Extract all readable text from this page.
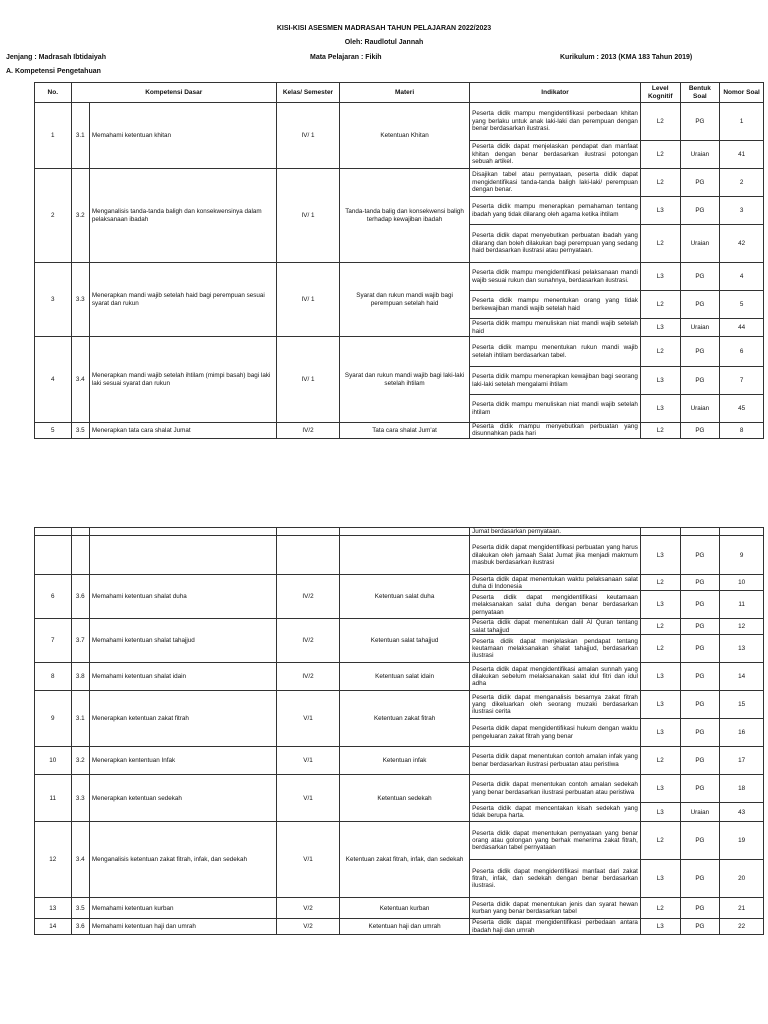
KISI-KISI ASESMEN MADRASAH TAHUN PELAJARAN 2022/2023
Oleh: Raudlotul Jannah
Jenjang : Madrasah Ibtidaiyah	Mata Pelajaran : Fikih	Kurikulum : 2013 (KMA 183 Tahun 2019)
A. Kompetensi Pengetahuan
No.	Kompetensi Dasar		Kelas/ Semester	Materi	Indikator	Level Kognitif	Bentuk Soal	Nomor Soal
1	3.1	Memahami ketentuan khitan	IV/ 1	Ketentuan Khitan	Peserta didik mampu mengidentifikasi perbedaan khitan yang berlaku untuk anak laki-laki dan perempuan dengan benar berdasarkan ilustrasi.	L2	PG	1
					Peserta didik dapat menjelaskan pendapat dan manfaat khitan dengan benar berdasarkan ilustrasi potongan sebuah artikel.	L2	Uraian	41
2	3.2	Menganalisis tanda-tanda baligh dan konsekwensinya dalam pelaksanaan ibadah	IV/ 1	Tanda-tanda balig dan konsekwensi baligh terhadap kewajiban ibadah	Disajikan tabel atau pernyataan, peserta didik dapat mengidentifikasi tanda-tanda baligh laki-laki/ perempuan dengan benar.	L2	PG	2
					Peserta didik mampu menerapkan pemahaman tentang ibadah yang tidak dilarang oleh agama ketika ihtilam	L3	PG	3
					Peserta didik dapat menyebutkan perbuatan ibadah yang dilarang dan boleh dilakukan bagi perempuan yang sedang haid berdasarkan ilustrasi atau pernyataan.	L2	Uraian	42
3	3.3	Menerapkan mandi wajib setelah haid bagi perempuan sesuai syarat dan rukun	IV/ 1	Syarat dan rukun mandi wajib bagi perempuan setelah haid	Peserta didik mampu mengidentifikasi pelaksanaan mandi wajib sesuai rukun dan sunahnya, berdasarkan ilustrasi.	L3	PG	4
					Peserta didik mampu menentukan orang yang tidak berkewajiban mandi wajib setelah haid	L2	PG	5
					Peserta didik mampu menuliskan niat mandi wajib setelah haid	L3	Uraian	44
4	3.4	Menerapkan mandi wajib setelah ihtilam (mimpi basah) bagi laki laki sesuai syarat dan rukun	IV/ 1	Syarat dan rukun mandi wajib bagi laki-laki setelah ihtilam	Peserta didik mampu menentukan rukun mandi wajib setelah ihtilam berdasarkan tabel.	L2	PG	6
					Peserta didik mampu menerapkan kewajiban bagi seorang laki-laki setelah mengalami ihtilam	L3	PG	7
					Peserta didik mampu menuliskan niat mandi wajib setelah ihtilam	L3	Uraian	45
5	3.5	Menerapkan tata cara shalat Jumat	IV/2	Tata cara shalat Jum'at	Peserta didik mampu menyebutkan perbuatan yang disunnahkan pada hari	L2	PG	8
					Jumat berdasarkan pernyataan.			
					Peserta didik dapat mengidentifikasi perbuatan yang harus dilakukan oleh jamaah Salat Jumat jika menjadi makmum masbuk berdasarkan ilustrasi	L3	PG	9
6	3.6	Memahami ketentuan shalat duha	IV/2	Ketentuan salat duha	Peserta didik dapat menentukan waktu pelaksanaan salat duha di Indonesia	L2	PG	10
					Peserta didik dapat mengidentifikasi keutamaan melaksanakan salat duha dengan benar berdasarkan pernyataan	L3	PG	11
7	3.7	Memahami ketentuan shalat tahajjud	IV/2	Ketentuan salat tahajjud	Peserta didik dapat menentukan dalil Al Quran tentang salat tahajjud	L2	PG	12
					Peserta didik dapat menjelaskan pendapat tentang keutamaan melaksanakan shalat tahajjud, berdasarkan ilustrasi	L2	PG	13
8	3.8	Memahami ketentuan shalat idain	IV/2	Ketentuan salat idain	Peserta didik dapat mengidentifikasi amalan sunnah yang dilakukan sebelum melaksanakan salat idul fitri dan idul adha	L3	PG	14
9	3.1	Menerapkan ketentuan zakat fitrah	V/1	Ketentuan zakat fitrah	Peserta didik dapat menganalisis besarnya zakat fitrah yang dikeluarkan oleh seorang muzaki berdasarkan ilustrasi cerita	L3	PG	15
					Peserta didik dapat mengidentifikasi hukum dengan waktu pengeluaran zakat fitrah yang benar	L3	PG	16
10	3.2	Menerapkan kententuan Infak	V/1	Ketentuan infak	Peserta didik dapat menentukan contoh amalan infak yang benar berdasarkan ilustrasi perbuatan atau peristiwa	L2	PG	17
11	3.3	Menerapkan ketentuan sedekah	V/1	Ketentuan sedekah	Peserta didik dapat menentukan contoh amalan sedekah yang benar berdasarkan ilustrasi perbuatan atau peristiwa	L3	PG	18
					Peserta didik dapat mencentakan kisah sedekah yang tidak berupa harta.	L3	Uraian	43
12	3.4	Menganalisis ketentuan zakat fitrah, infak, dan sedekah	V/1	Ketentuan zakat fitrah, infak, dan sedekah	Peserta didik dapat menentukan pernyataan yang benar orang atau golongan yang berhak menerima zakat fitrah, berdasarkan tabel pernyataan	L2	PG	19
					Peserta didik dapat mengidentifikasi manfaat dari zakat fitrah, infak, dan sedekah dengan benar berdasarkan ilustrasi.	L3	PG	20
13	3.5	Memahami ketentuan kurban	V/2	Ketentuan kurban	Peserta didik dapat menentukan jenis dan syarat hewan kurban yang benar berdasarkan tabel	L2	PG	21
14	3.6	Memahami ketentuan haji dan umrah	V/2	Ketentuan haji dan umrah	Peserta didik dapat mengidentifikasi perbedaan antara ibadah haji dan umrah	L3	PG	22
